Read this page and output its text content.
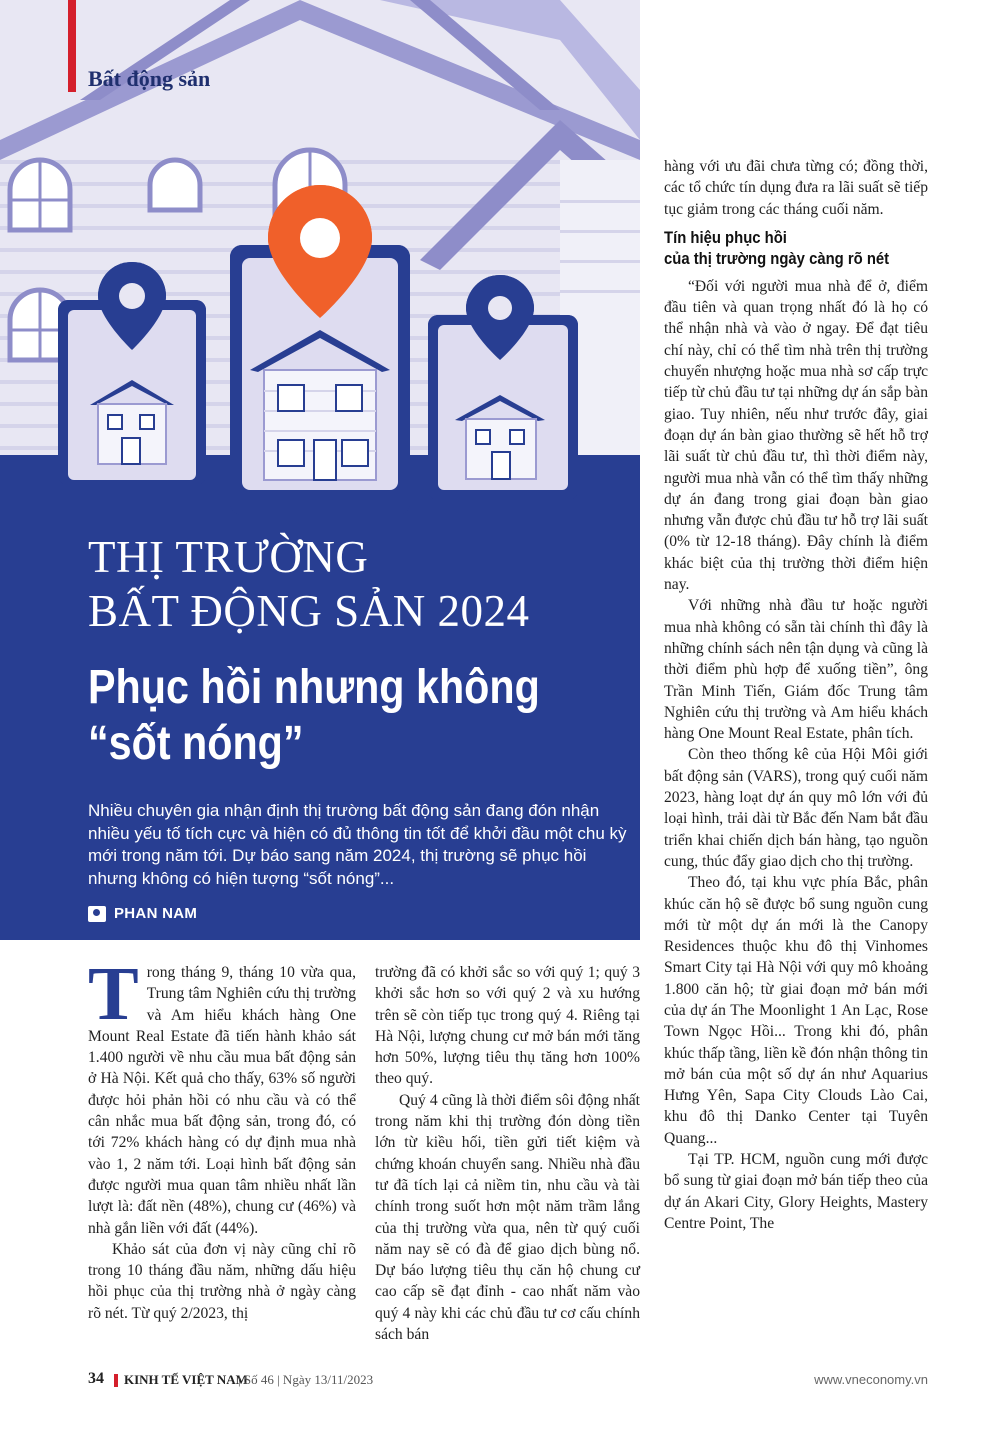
Bất động sản
THỊ TRƯỜNG
BẤT ĐỘNG SẢN 2024
Phục hồi nhưng không
“sốt nóng”
Nhiều chuyên gia nhận định thị trường bất động sản đang đón nhận nhiều yếu tố tích cực và hiện có đủ thông tin tốt để khởi đầu một chu kỳ mới trong năm tới. Dự báo sang năm 2024, thị trường sẽ phục hồi nhưng không có hiện tượng “sốt nóng”...
PHAN NAM

Trong tháng 9, tháng 10 vừa qua, Trung tâm Nghiên cứu thị trường và Am hiểu khách hàng One Mount Real Estate đã tiến hành khảo sát 1.400 người về nhu cầu mua bất động sản ở Hà Nội. Kết quả cho thấy, 63% số người được hỏi phản hồi có nhu cầu và có thể cân nhắc mua bất động sản, trong đó, có tới 72% khách hàng có dự định mua nhà vào 1, 2 năm tới. Loại hình bất động sản được người mua quan tâm nhiều nhất lần lượt là: đất nền (48%), chung cư (46%) và nhà gắn liền với đất (44%).

Khảo sát của đơn vị này cũng chỉ rõ trong 10 tháng đầu năm, những dấu hiệu hồi phục của thị trường nhà ở ngày càng rõ nét. Từ quý 2/2023, thị

trường đã có khởi sắc so với quý 1; quý 3 khởi sắc hơn so với quý 2 và xu hướng trên sẽ còn tiếp tục trong quý 4. Riêng tại Hà Nội, lượng chung cư mở bán mới tăng hơn 50%, lượng tiêu thụ tăng hơn 100% theo quý.

Quý 4 cũng là thời điểm sôi động nhất trong năm khi thị trường đón dòng tiền lớn từ kiều hối, tiền gửi tiết kiệm và chứng khoán chuyển sang. Nhiều nhà đầu tư đã tích lại cả niềm tin, nhu cầu và tài chính trong suốt hơn một năm trầm lắng của thị trường vừa qua, nên từ quý cuối năm nay sẽ có đà để giao dịch bùng nổ. Dự báo lượng tiêu thụ căn hộ chung cư cao cấp sẽ đạt đỉnh - cao nhất năm vào quý 4 này khi các chủ đầu tư cơ cấu chính sách bán

hàng với ưu đãi chưa từng có; đồng thời, các tổ chức tín dụng đưa ra lãi suất sẽ tiếp tục giảm trong các tháng cuối năm.

Tín hiệu phục hồi
của thị trường ngày càng rõ nét

“Đối với người mua nhà để ở, điểm đầu tiên và quan trọng nhất đó là họ có thể nhận nhà và vào ở ngay. Để đạt tiêu chí này, chỉ có thể tìm nhà trên thị trường chuyển nhượng hoặc mua nhà sơ cấp trực tiếp từ chủ đầu tư tại những dự án sắp bàn giao. Tuy nhiên, nếu như trước đây, giai đoạn dự án bàn giao thường sẽ hết hỗ trợ lãi suất từ chủ đầu tư, thì thời điểm này, người mua nhà vẫn có thể tìm thấy những dự án đang trong giai đoạn bàn giao nhưng vẫn được chủ đầu tư hỗ trợ lãi suất (0% từ 12-18 tháng). Đây chính là điểm khác biệt của thị trường thời điểm hiện nay.

Với những nhà đầu tư hoặc người mua nhà không có sẵn tài chính thì đây là những chính sách nên tận dụng và cũng là thời điểm phù hợp để xuống tiền”, ông Trần Minh Tiến, Giám đốc Trung tâm Nghiên cứu thị trường và Am hiểu khách hàng One Mount Real Estate, phân tích.

Còn theo thống kê của Hội Môi giới bất động sản (VARS), trong quý cuối năm 2023, hàng loạt dự án quy mô lớn với đủ loại hình, trải dài từ Bắc đến Nam bắt đầu triển khai chiến dịch bán hàng, tạo nguồn cung, thúc đẩy giao dịch cho thị trường.

Theo đó, tại khu vực phía Bắc, phân khúc căn hộ sẽ được bổ sung nguồn cung mới từ một dự án mới là the Canopy Residences thuộc khu đô thị Vinhomes Smart City tại Hà Nội với quy mô khoảng 1.800 căn hộ; từ giai đoạn mở bán mới của dự án The Moonlight 1 An Lạc, Rose Town Ngọc Hồi... Trong khi đó, phân khúc thấp tầng, liền kề đón nhận thông tin mở bán của một số dự án như Aquarius Hưng Yên, Sapa City Clouds Lào Cai, khu đô thị Danko Center tại Tuyên Quang...

Tại TP. HCM, nguồn cung mới được bổ sung từ giai đoạn mở bán tiếp theo của dự án Akari City, Glory Heights, Mastery Centre Point, The

34 KINH TẾ VIỆT NAM
| Số 46 | Ngày 13/11/2023	www.vneconomy.vn
